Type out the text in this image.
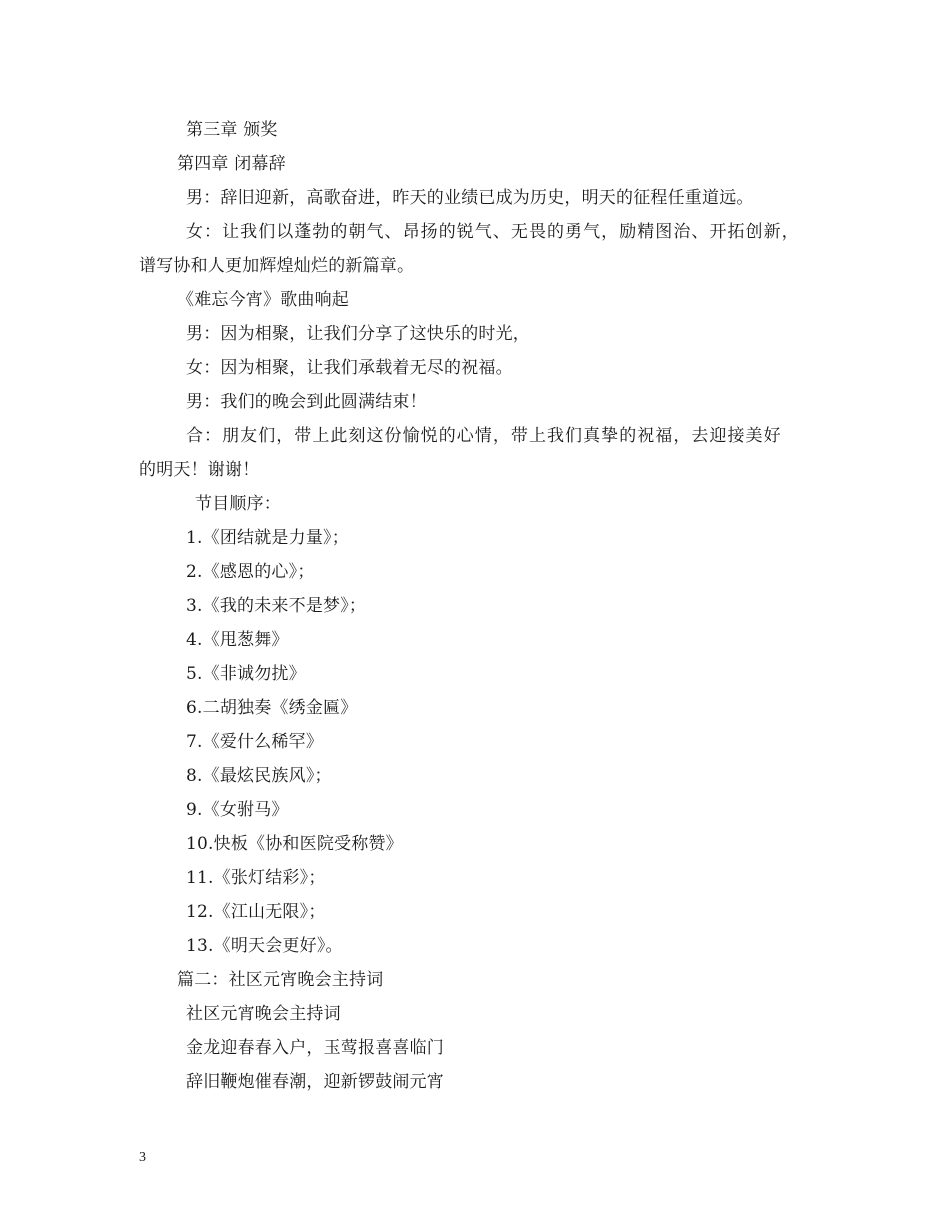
第三章 颁奖
第四章 闭幕辞
男：辞旧迎新，高歌奋进，昨天的业绩已成为历史，明天的征程任重道远。
女：让我们以蓬勃的朝气、昂扬的锐气、无畏的勇气，励精图治、开拓创新，
谱写协和人更加辉煌灿烂的新篇章。
《难忘今宵》歌曲响起
男：因为相聚，让我们分享了这快乐的时光，
女：因为相聚，让我们承载着无尽的祝福。
男：我们的晚会到此圆满结束！
合：朋友们，带上此刻这份愉悦的心情，带上我们真挚的祝福，去迎接美好
的明天！谢谢！
节目顺序：
1.《团结就是力量》；
2.《感恩的心》；
3.《我的未来不是梦》；
4.《甩葱舞》
5.《非诚勿扰》
6.二胡独奏《绣金匾》
7.《爱什么稀罕》
8.《最炫民族风》；
9.《女驸马》
10.快板《协和医院受称赞》
11.《张灯结彩》；
12.《江山无限》；
13.《明天会更好》。
篇二：社区元宵晚会主持词
社区元宵晚会主持词
金龙迎春春入户，玉莺报喜喜临门
辞旧鞭炮催春潮，迎新锣鼓闹元宵
3
